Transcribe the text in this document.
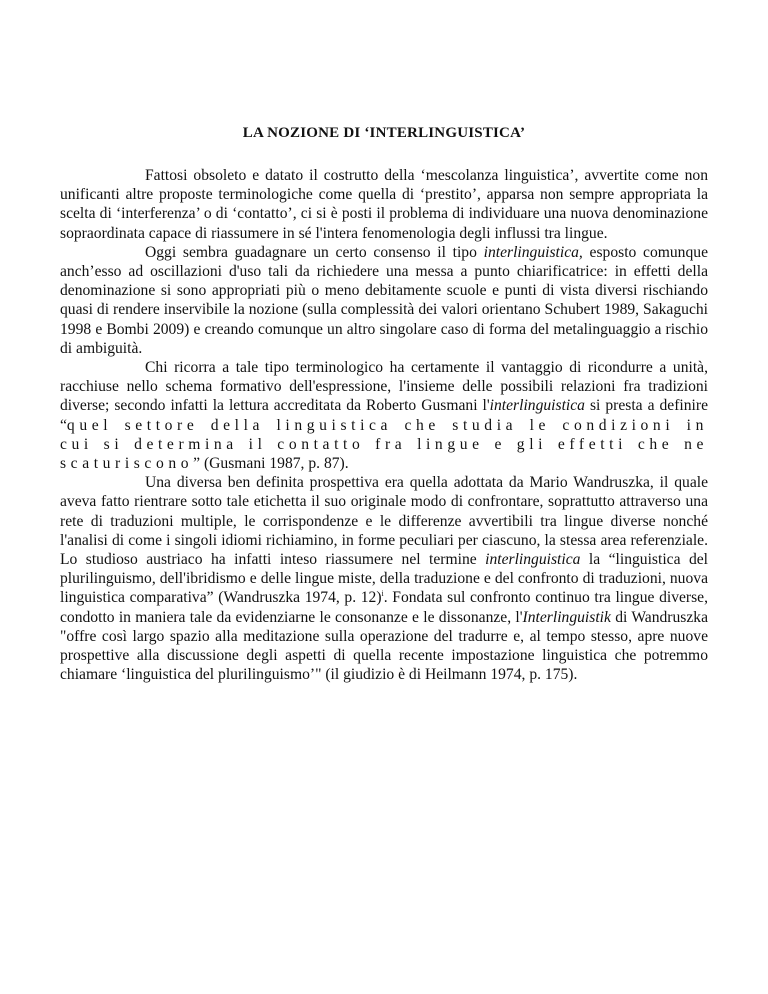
LA NOZIONE DI ‘INTERLINGUISTICA’

Fattosi obsoleto e datato il costrutto della ‘mescolanza linguistica’, avvertite come non unificanti altre proposte terminologiche come quella di ‘prestito’, apparsa non sempre appropriata la scelta di ‘interferenza’ o di ‘contatto’, ci si è posti il problema di individuare una nuova denominazione sopraordinata capace di riassumere in sé l'intera fenomenologia degli influssi tra lingue.

Oggi sembra guadagnare un certo consenso il tipo interlinguistica, esposto comunque anch’esso ad oscillazioni d'uso tali da richiedere una messa a punto chiarificatrice: in effetti della denominazione si sono appropriati più o meno debitamente scuole e punti di vista diversi rischiando quasi di rendere inservibile la nozione (sulla complessità dei valori orientano Schubert 1989, Sakaguchi 1998 e Bombi 2009) e creando comunque un altro singolare caso di forma del metalinguaggio a rischio di ambiguità.

Chi ricorra a tale tipo terminologico ha certamente il vantaggio di ricondurre a unità, racchiuse nello schema formativo dell'espressione, l'insieme delle possibili relazioni fra tradizioni diverse; secondo infatti la lettura accreditata da Roberto Gusmani l'interlinguistica si presta a definire “quel settore della linguistica che studia le condizioni in cui si determina il contatto fra lingue e gli effetti che ne scaturiscono” (Gusmani 1987, p. 87).

Una diversa ben definita prospettiva era quella adottata da Mario Wandruszka, il quale aveva fatto rientrare sotto tale etichetta il suo originale modo di confrontare, soprattutto attraverso una rete di traduzioni multiple, le corrispondenze e le differenze avvertibili tra lingue diverse nonché l'analisi di come i singoli idiomi richiamino, in forme peculiari per ciascuno, la stessa area referenziale. Lo studioso austriaco ha infatti inteso riassumere nel termine interlinguistica la “linguistica del plurilinguismo, dell'ibridismo e delle lingue miste, della traduzione e del confronto di traduzioni, nuova linguistica comparativa” (Wandruszka 1974, p. 12)$^i$. Fondata sul confronto continuo tra lingue diverse, condotto in maniera tale da evidenziarne le consonanze e le dissonanze, l'Interlinguistik di Wandruszka "offre così largo spazio alla meditazione sulla operazione del tradurre e, al tempo stesso, apre nuove prospettive alla discussione degli aspetti di quella recente impostazione linguistica che potremmo chiamare ‘linguistica del plurilinguismo’" (il giudizio è di Heilmann 1974, p. 175).
